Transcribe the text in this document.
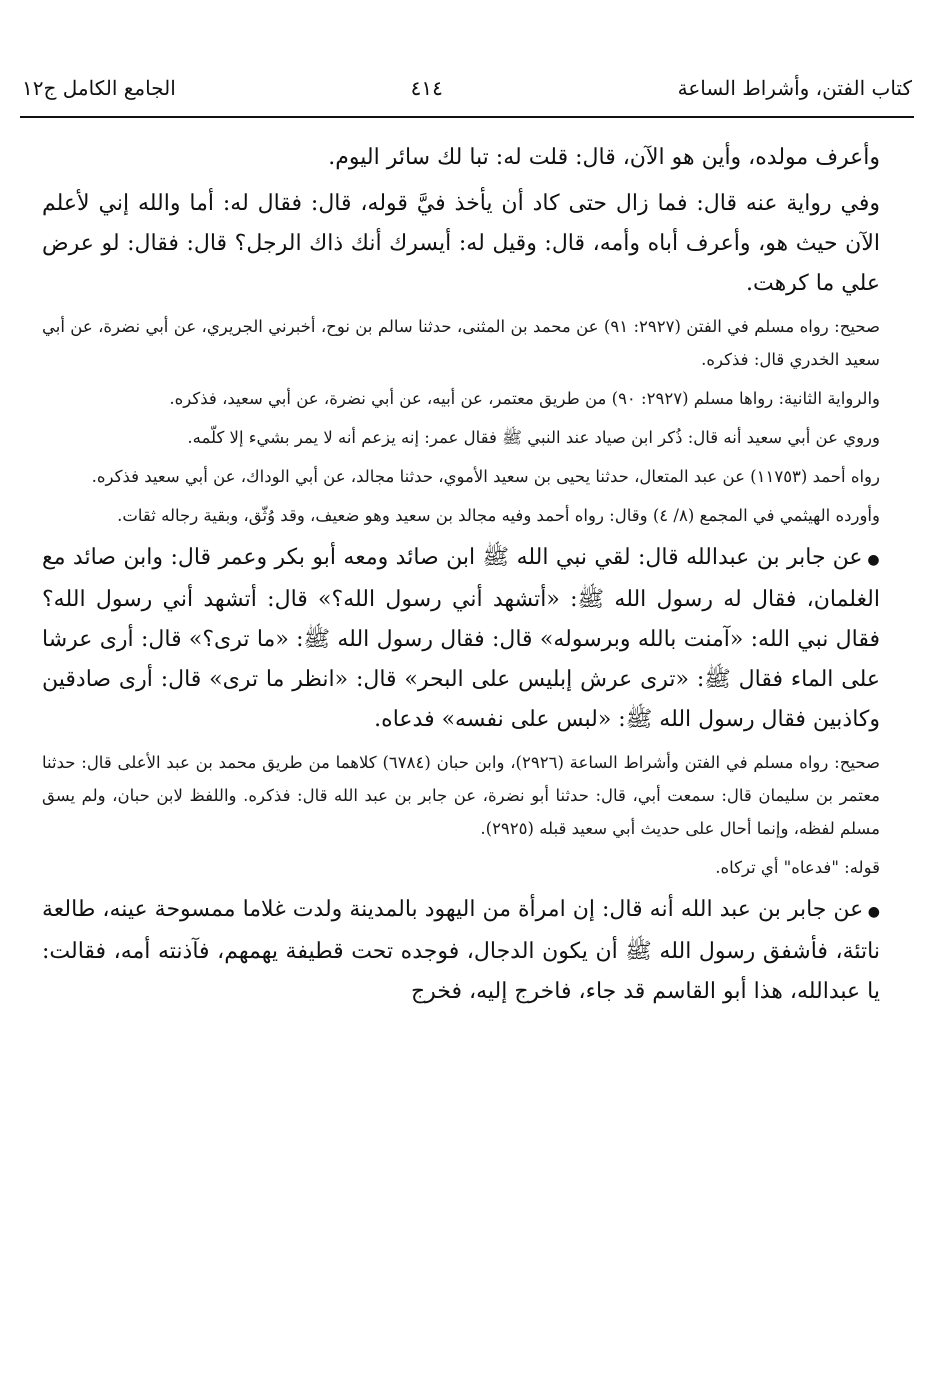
الجامع الكامل ج١٢	٤١٤	كتاب الفتن، وأشراط الساعة

وأعرف مولده، وأين هو الآن، قال: قلت له: تبا لك سائر اليوم.

وفي رواية عنه قال: فما زال حتى كاد أن يأخذ فيَّ قوله، قال: فقال له: أما والله إني لأعلم الآن حيث هو، وأعرف أباه وأمه، قال: وقيل له: أيسرك أنك ذاك الرجل؟ قال: فقال: لو عرض علي ما كرهت.

صحيح: رواه مسلم في الفتن (٢٩٢٧: ٩١) عن محمد بن المثنى، حدثنا سالم بن نوح، أخبرني الجريري، عن أبي نضرة، عن أبي سعيد الخدري قال: فذكره.

والرواية الثانية: رواها مسلم (٢٩٢٧: ٩٠) من طريق معتمر، عن أبيه، عن أبي نضرة، عن أبي سعيد، فذكره.

وروي عن أبي سعيد أنه قال: ذُكر ابن صياد عند النبي ﷺ فقال عمر: إنه يزعم أنه لا يمر بشيء إلا كلّمه.

رواه أحمد (١١٧٥٣) عن عبد المتعال، حدثنا يحيى بن سعيد الأموي، حدثنا مجالد، عن أبي الوداك، عن أبي سعيد فذكره.

وأورده الهيثمي في المجمع (٨/ ٤) وقال: رواه أحمد وفيه مجالد بن سعيد وهو ضعيف، وقد وُثّق، وبقية رجاله ثقات.

● عن جابر بن عبدالله قال: لقي نبي الله ﷺ ابن صائد ومعه أبو بكر وعمر قال: وابن صائد مع الغلمان، فقال له رسول الله ﷺ: «أتشهد أني رسول الله؟» قال: أتشهد أني رسول الله؟ فقال نبي الله: «آمنت بالله وبرسوله» قال: فقال رسول الله ﷺ: «ما ترى؟» قال: أرى عرشا على الماء فقال ﷺ: «ترى عرش إبليس على البحر» قال: «انظر ما ترى» قال: أرى صادقين وكاذبين فقال رسول الله ﷺ: «لبس على نفسه» فدعاه.

صحيح: رواه مسلم في الفتن وأشراط الساعة (٢٩٢٦)، وابن حبان (٦٧٨٤) كلاهما من طريق محمد بن عبد الأعلى قال: حدثنا معتمر بن سليمان قال: سمعت أبي، قال: حدثنا أبو نضرة، عن جابر بن عبد الله قال: فذكره. واللفظ لابن حبان، ولم يسق مسلم لفظه، وإنما أحال على حديث أبي سعيد قبله (٢٩٢٥).

قوله: "فدعاه" أي تركاه.

● عن جابر بن عبد الله أنه قال: إن امرأة من اليهود بالمدينة ولدت غلاما ممسوحة عينه، طالعة ناتئة، فأشفق رسول الله ﷺ أن يكون الدجال، فوجده تحت قطيفة يهمهم، فآذنته أمه، فقالت: يا عبدالله، هذا أبو القاسم قد جاء، فاخرج إليه، فخرج
